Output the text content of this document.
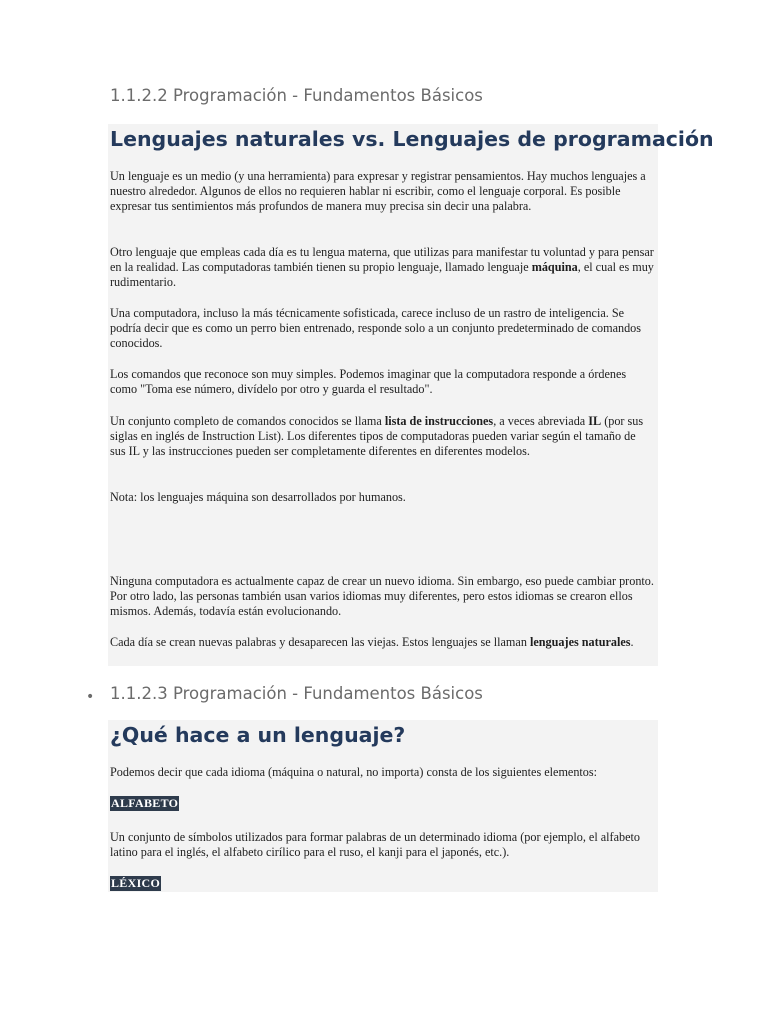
1.1.2.2 Programación - Fundamentos Básicos
Lenguajes naturales vs. Lenguajes de programación

Un lenguaje es un medio (y una herramienta) para expresar y registrar pensamientos. Hay muchos lenguajes a nuestro alrededor. Algunos de ellos no requieren hablar ni escribir, como el lenguaje corporal. Es posible expresar tus sentimientos más profundos de manera muy precisa sin decir una palabra.

Otro lenguaje que empleas cada día es tu lengua materna, que utilizas para manifestar tu voluntad y para pensar en la realidad. Las computadoras también tienen su propio lenguaje, llamado lenguaje máquina, el cual es muy rudimentario.

Una computadora, incluso la más técnicamente sofisticada, carece incluso de un rastro de inteligencia. Se podría decir que es como un perro bien entrenado, responde solo a un conjunto predeterminado de comandos conocidos.

Los comandos que reconoce son muy simples. Podemos imaginar que la computadora responde a órdenes como "Toma ese número, divídelo por otro y guarda el resultado".

Un conjunto completo de comandos conocidos se llama lista de instrucciones, a veces abreviada IL (por sus siglas en inglés de Instruction List). Los diferentes tipos de computadoras pueden variar según el tamaño de sus IL y las instrucciones pueden ser completamente diferentes en diferentes modelos.

Nota: los lenguajes máquina son desarrollados por humanos.

Ninguna computadora es actualmente capaz de crear un nuevo idioma. Sin embargo, eso puede cambiar pronto. Por otro lado, las personas también usan varios idiomas muy diferentes, pero estos idiomas se crearon ellos mismos. Además, todavía están evolucionando.

Cada día se crean nuevas palabras y desaparecen las viejas. Estos lenguajes se llaman lenguajes naturales.

• 1.1.2.3 Programación - Fundamentos Básicos
¿Qué hace a un lenguaje?

Podemos decir que cada idioma (máquina o natural, no importa) consta de los siguientes elementos:

ALFABETO

Un conjunto de símbolos utilizados para formar palabras de un determinado idioma (por ejemplo, el alfabeto latino para el inglés, el alfabeto cirílico para el ruso, el kanji para el japonés, etc.).

LÉXICO
